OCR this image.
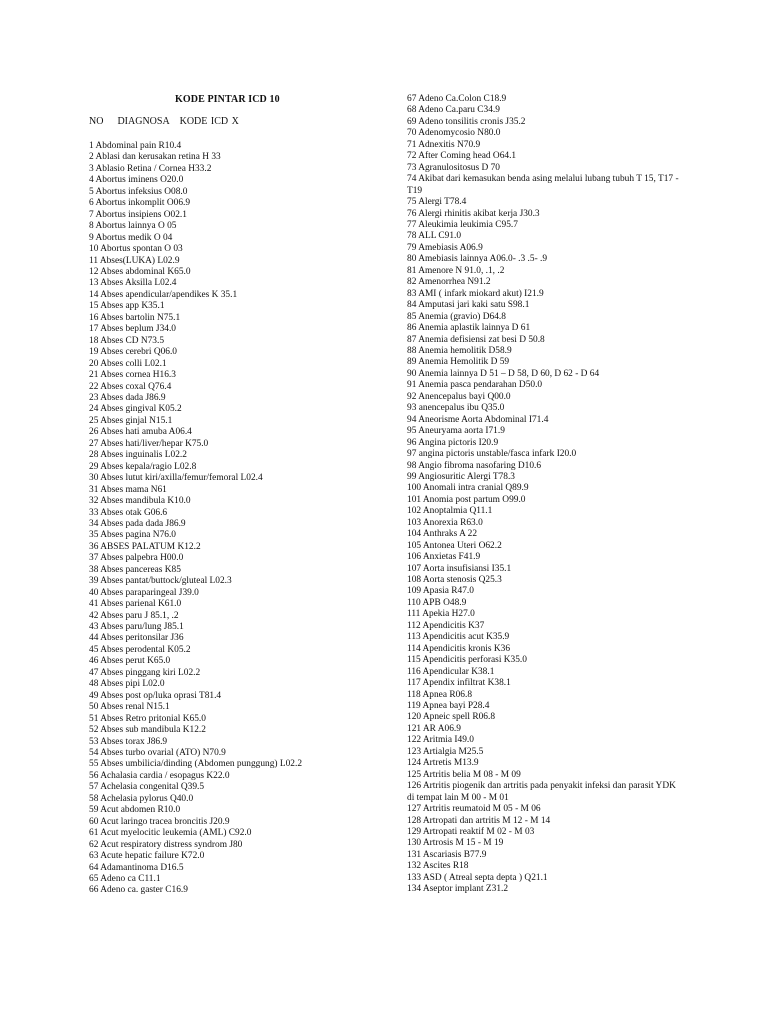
KODE PINTAR ICD 10
NO    DIAGNOSA   KODE ICD X
1 Abdominal pain R10.4
2 Ablasi dan kerusakan retina H 33
3 Ablasio Retina / Cornea H33.2
4 Abortus iminens O20.0
5 Abortus infeksius O08.0
6 Abortus inkomplit O06.9
7 Abortus insipiens O02.1
8 Abortus lainnya O 05
9 Abortus medik O 04
10 Abortus spontan O 03
11 Abses(LUKA) L02.9
12 Abses abdominal K65.0
13 Abses Aksilla L02.4
14 Abses apendicular/apendikes K 35.1
15 Abses app K35.1
16 Abses bartolin N75.1
17 Abses beplum J34.0
18 Abses CD N73.5
19 Abses cerebri Q06.0
20 Abses colli L02.1
21 Abses cornea H16.3
22 Abses coxal Q76.4
23 Abses dada J86.9
24 Abses gingival K05.2
25 Abses ginjal N15.1
26 Abses hati amuba A06.4
27 Abses hati/liver/hepar K75.0
28 Abses inguinalis L02.2
29 Abses kepala/ragio L02.8
30 Abses lutut kiri/axilla/femur/femoral L02.4
31 Abses mama N61
32 Abses mandibula K10.0
33 Abses otak G06.6
34 Abses pada dada J86.9
35 Abses pagina N76.0
36 ABSES PALATUM K12.2
37 Abses palpebra H00.0
38 Abses pancereas K85
39 Abses pantat/buttock/gluteal L02.3
40 Abses paraparingeal J39.0
41 Abses parienal K61.0
42 Abses paru J 85.1, .2
43 Abses paru/lung J85.1
44 Abses peritonsilar J36
45 Abses perodental K05.2
46 Abses perut K65.0
47 Abses pinggang kiri L02.2
48 Abses pipi L02.0
49 Abses post op/luka oprasi T81.4
50 Abses renal N15.1
51 Abses Retro pritonial K65.0
52 Abses sub mandibula K12.2
53 Abses torax J86.9
54 Abses turbo ovarial (ATO) N70.9
55 Abses umbilicia/dinding (Abdomen punggung) L02.2
56 Achalasia cardia / esopagus K22.0
57 Achelasia congenital Q39.5
58 Achelasia pylorus Q40.0
59 Acut abdomen R10.0
60 Acut laringo tracea broncitis J20.9
61 Acut myelocitic leukemia (AML) C92.0
62 Acut respiratory distress syndrom J80
63 Acute hepatic failure K72.0
64 Adamantinoma D16.5
65 Adeno ca C11.1
66 Adeno ca. gaster C16.9
67 Adeno Ca.Colon C18.9
68 Adeno Ca.paru C34.9
69 Adeno tonsilitis cronis J35.2
70 Adenomycosio N80.0
71 Adnexitis N70.9
72 After Coming head O64.1
73 Agranulositosus D 70
74 Akibat dari kemasukan benda asing melalui lubang tubuh T 15, T17 - T19
75 Alergi T78.4
76 Alergi rhinitis akibat kerja J30.3
77 Aleukimia leukimia C95.7
78 ALL C91.0
79 Amebiasis A06.9
80 Amebiasis lainnya A06.0- .3 .5- .9
81 Amenore N 91.0, .1, .2
82 Amenorrhea N91.2
83 AMI ( infark miokard akut) I21.9
84 Amputasi jari kaki satu S98.1
85 Anemia (gravio) D64.8
86 Anemia aplastik lainnya D 61
87 Anemia defisiensi zat besi D 50.8
88 Anemia hemolitik D58.9
89 Anemia Hemolitik D 59
90 Anemia lainnya D 51 – D 58, D 60, D 62 - D 64
91 Anemia pasca pendarahan D50.0
92 Anencepalus bayi Q00.0
93 anencepalus ibu Q35.0
94 Aneorisme Aorta Abdominal I71.4
95 Aneuryama aorta I71.9
96 Angina pictoris I20.9
97 angina pictoris unstable/fasca infark I20.0
98 Angio fibroma nasofaring D10.6
99 Angiosuritic Alergi T78.3
100 Anomali intra cranial Q89.9
101 Anomia post partum O99.0
102 Anoptalmia Q11.1
103 Anorexia R63.0
104 Anthraks A 22
105 Antonea Uteri O62.2
106 Anxietas F41.9
107 Aorta insufisiansi I35.1
108 Aorta stenosis Q25.3
109 Apasia R47.0
110 APB O48.9
111 Apekia H27.0
112 Apendicitis K37
113 Apendicitis acut K35.9
114 Apendicitis kronis K36
115 Apendicitis perforasi K35.0
116 Apendicular K38.1
117 Apendix infiltrat K38.1
118 Apnea R06.8
119 Apnea bayi P28.4
120 Apneic spell R06.8
121 AR A06.9
122 Aritmia I49.0
123 Artialgia M25.5
124 Artretis M13.9
125 Artritis belia M 08 - M 09
126 Artritis piogenik dan artritis pada penyakit infeksi dan parasit YDK di tempat lain M 00 - M 01
127 Artritis reumatoid M 05 - M 06
128 Artropati dan artritis M 12 - M 14
129 Artropati reaktif M 02 - M 03
130 Artrosis M 15 - M 19
131 Ascariasis B77.9
132 Ascites R18
133 ASD ( Atreal septa depta ) Q21.1
134 Aseptor implant Z31.2
